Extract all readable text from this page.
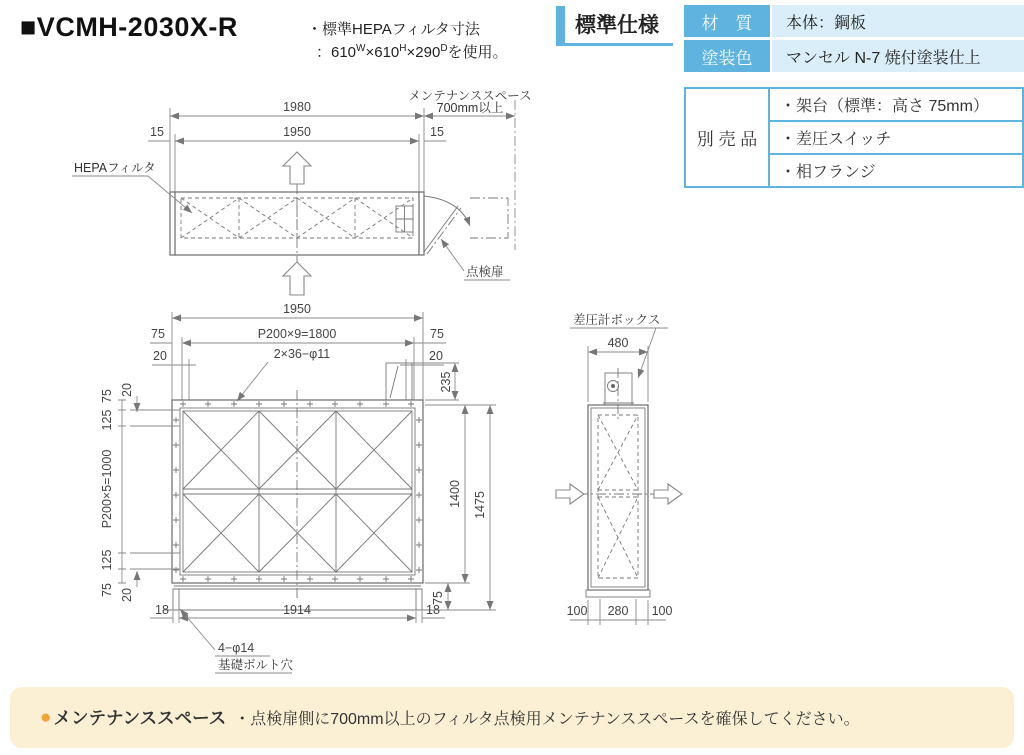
■VCMH-2030X-R	・標準HEPAフィルタ寸法
：$610^W\times 610^H\times 290^D$を使用。
標準仕様	材　質	本体：鋼板
塗装色	マンセル N-7 焼付塗装仕上
別 売 品
・架台（標準：高さ 75mm）
・差圧スイッチ
・相フランジ
メンテナンススペース
700mm以上
1980
15	1950	15
HEPAフィルタ
点検扉
1950
75	P200×9=1800	75
20	20
2×36−φ11
235
1400 1475
75
75
125
P200×5=1000
125
75
20
20
18	1914	18
4−φ14
基礎ボルト穴
差圧計ボックス
480
100 280 100
● メンテナンススペース ・点検扉側に700mm以上のフィルタ点検用メンテナンススペースを確保してください。
